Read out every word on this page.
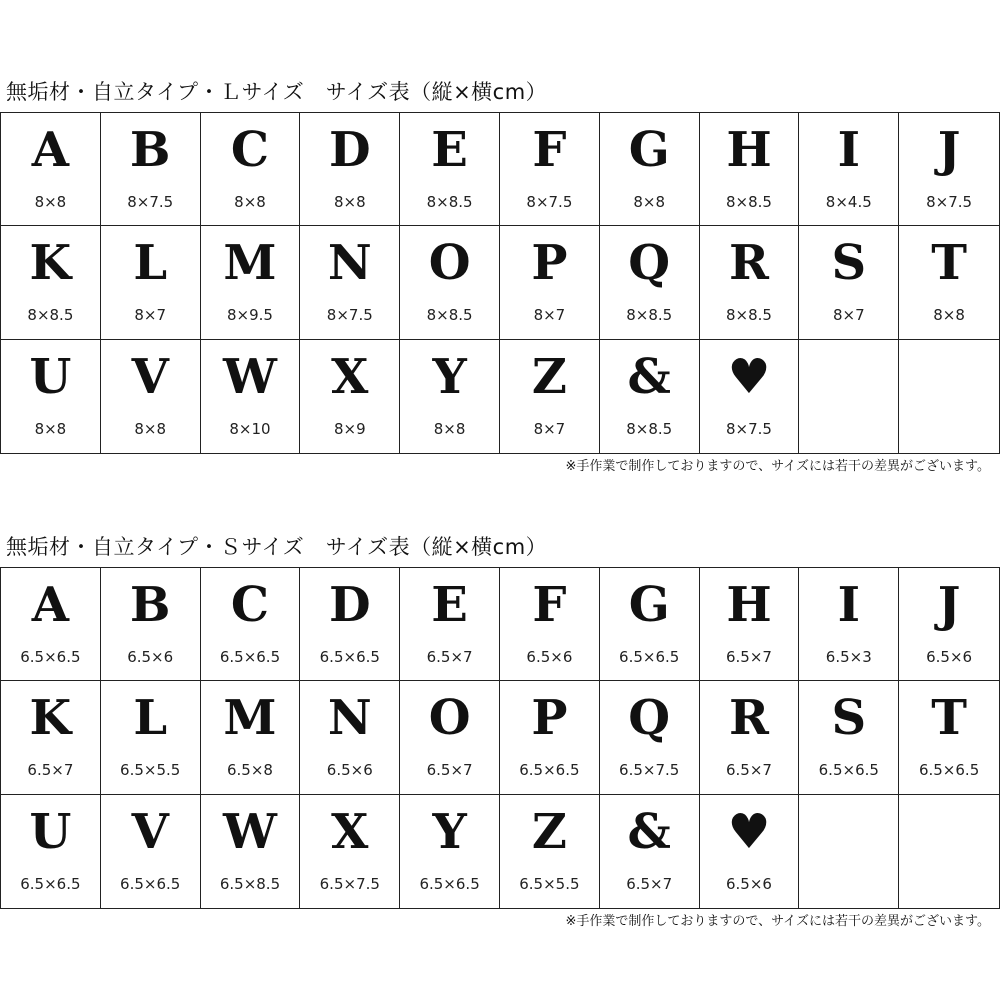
無垢材・自立タイプ・Ｌサイズ　サイズ表（縦×横cm）
A
8×8
B
8×7.5
C
8×8
D
8×8
E
8×8.5
F
8×7.5
G
8×8
H
8×8.5
I
8×4.5
J
8×7.5
K
8×8.5
L
8×7
M
8×9.5
N
8×7.5
O
8×8.5
P
8×7
Q
8×8.5
R
8×8.5
S
8×7
T
8×8
U
8×8
V
8×8
W
8×10
X
8×9
Y
8×8
Z
8×7
&
8×8.5
♥
8×7.5
※手作業で制作しておりますので、サイズには若干の差異がございます。
無垢材・自立タイプ・Ｓサイズ　サイズ表（縦×横cm）
A
6.5×6.5
B
6.5×6
C
6.5×6.5
D
6.5×6.5
E
6.5×7
F
6.5×6
G
6.5×6.5
H
6.5×7
I
6.5×3
J
6.5×6
K
6.5×7
L
6.5×5.5
M
6.5×8
N
6.5×6
O
6.5×7
P
6.5×6.5
Q
6.5×7.5
R
6.5×7
S
6.5×6.5
T
6.5×6.5
U
6.5×6.5
V
6.5×6.5
W
6.5×8.5
X
6.5×7.5
Y
6.5×6.5
Z
6.5×5.5
&
6.5×7
♥
6.5×6
※手作業で制作しておりますので、サイズには若干の差異がございます。
